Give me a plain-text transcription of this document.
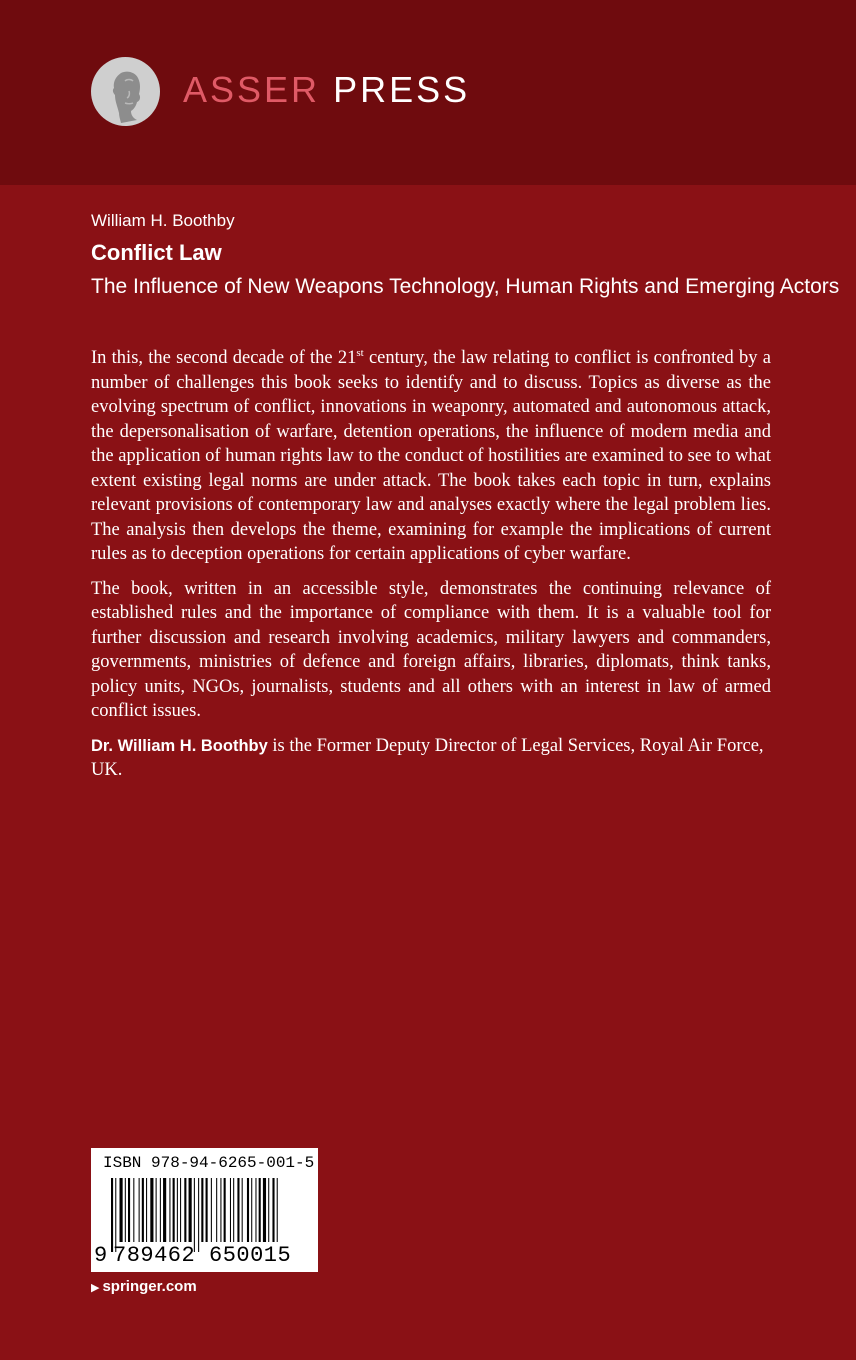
ASSER PRESS
William H. Boothby
Conflict Law
The Influence of New Weapons Technology, Human Rights and Emerging Actors

In this, the second decade of the 21st century, the law relating to conflict is confronted by a number of challenges this book seeks to identify and to discuss. Topics as diverse as the evolving spectrum of conflict, innovations in weaponry, automated and autonomous attack, the depersonalisation of warfare, detention operations, the influence of modern media and the application of human rights law to the conduct of hostilities are examined to see to what extent existing legal norms are under attack. The book takes each topic in turn, explains relevant provisions of contemporary law and analyses exactly where the legal problem lies. The analysis then develops the theme, examining for example the implications of current rules as to deception operations for certain applications of cyber warfare.

The book, written in an accessible style, demonstrates the continuing relevance of established rules and the importance of compliance with them. It is a valuable tool for further discussion and research involving academics, military lawyers and commanders, governments, ministries of defence and foreign affairs, libraries, diplomats, think tanks, policy units, NGOs, journalists, students and all others with an interest in law of armed conflict issues.

Dr. William H. Boothby is the Former Deputy Director of Legal Services, Royal Air Force, UK.

ISBN 978-94-6265-001-5
9 789462 650015
▶ springer.com
